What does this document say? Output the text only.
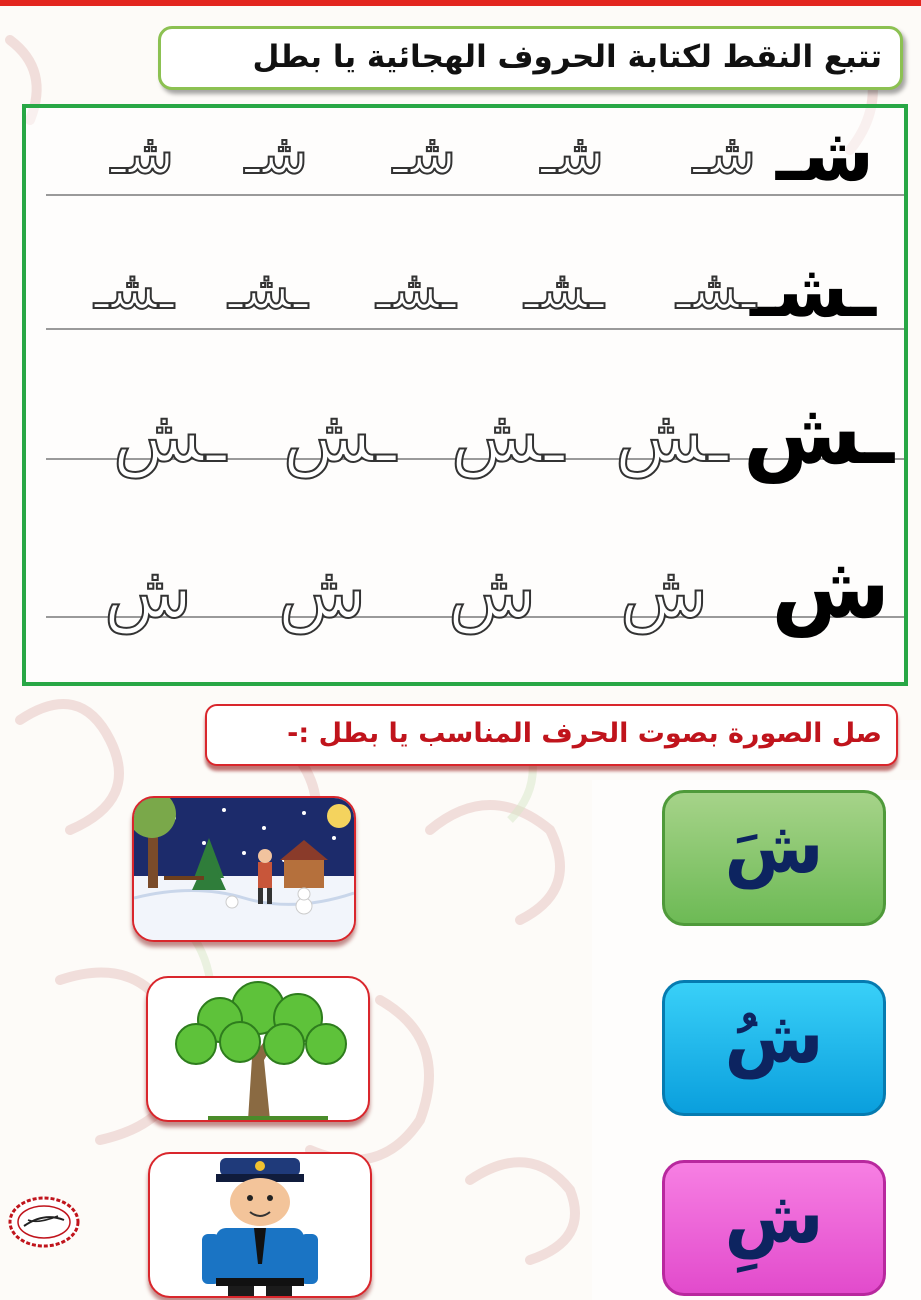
تتبع النقط لكتابة الحروف الهجائية يا بطل
شـ
شـ
شـ
شـ
شـ
شـ
ـشـ
ـشـ
ـشـ
ـشـ
ـشـ
ـشـ
ـش
ـش
ـش
ـش
ـش
ش
ش
ش
ش
ش
صل الصورة بصوت الحرف المناسب يا بطل :-
شَ
شُ
شِ
